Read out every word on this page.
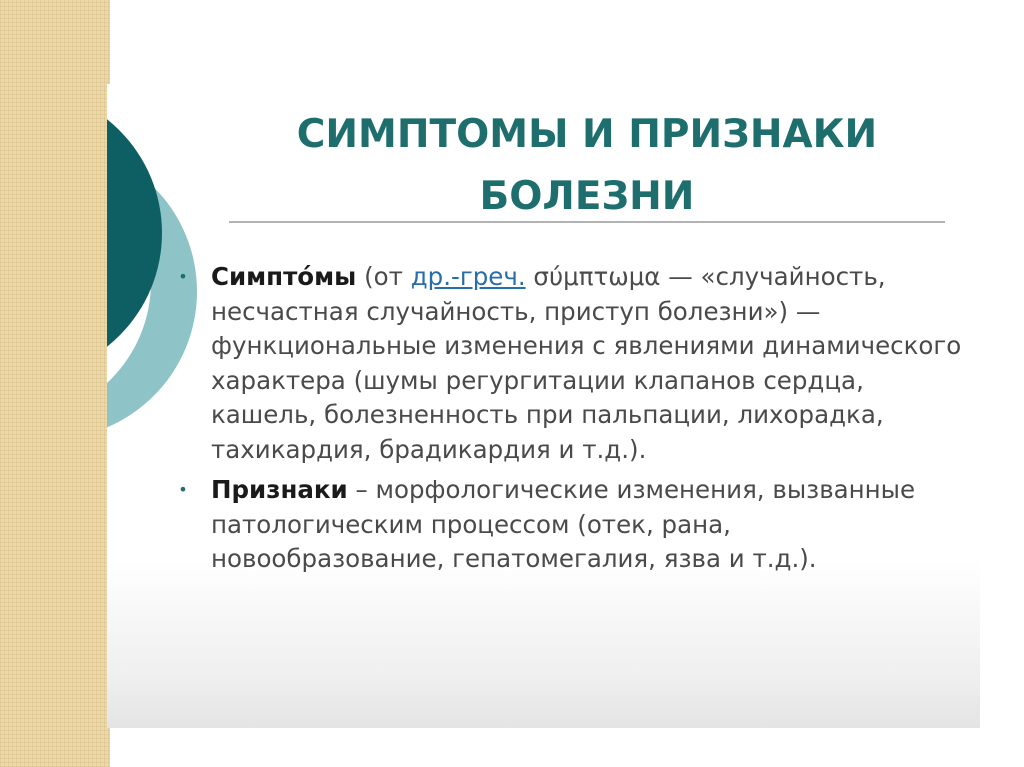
СИМПТОМЫ И ПРИЗНАКИ
БОЛЕЗНИ
• Симпто́мы (от др.-греч. σύμπτωμα — «случайность, несчастная случайность, приступ болезни») — функциональные изменения с явлениями динамического характера (шумы регургитации клапанов сердца, кашель, болезненность при пальпации, лихорадка, тахикардия, брадикардия и т.д.).
• Признаки – морфологические изменения, вызванные патологическим процессом (отек, рана, новообразование, гепатомегалия, язва и т.д.).
